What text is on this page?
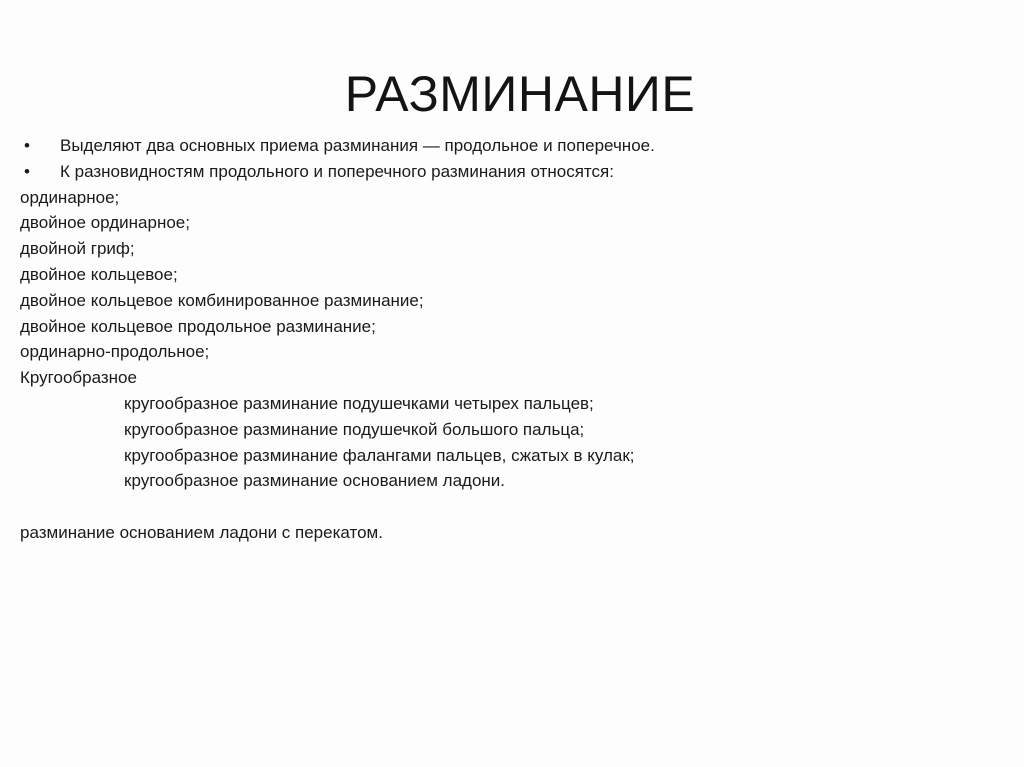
РАЗМИНАНИЕ
• Выделяют два основных приема разминания — продольное и поперечное.
• К разновидностям продольного и поперечного разминания относятся:
ординарное;
двойное ординарное;
двойной гриф;
двойное кольцевое;
двойное кольцевое комбинированное разминание;
двойное кольцевое продольное разминание;
ординарно-продольное;
Кругообразное
кругообразное разминание подушечками четырех пальцев;
кругообразное разминание подушечкой большого пальца;
кругообразное разминание фалангами пальцев, сжатых в кулак;
кругообразное разминание основанием ладони.
разминание основанием ладони с перекатом.
